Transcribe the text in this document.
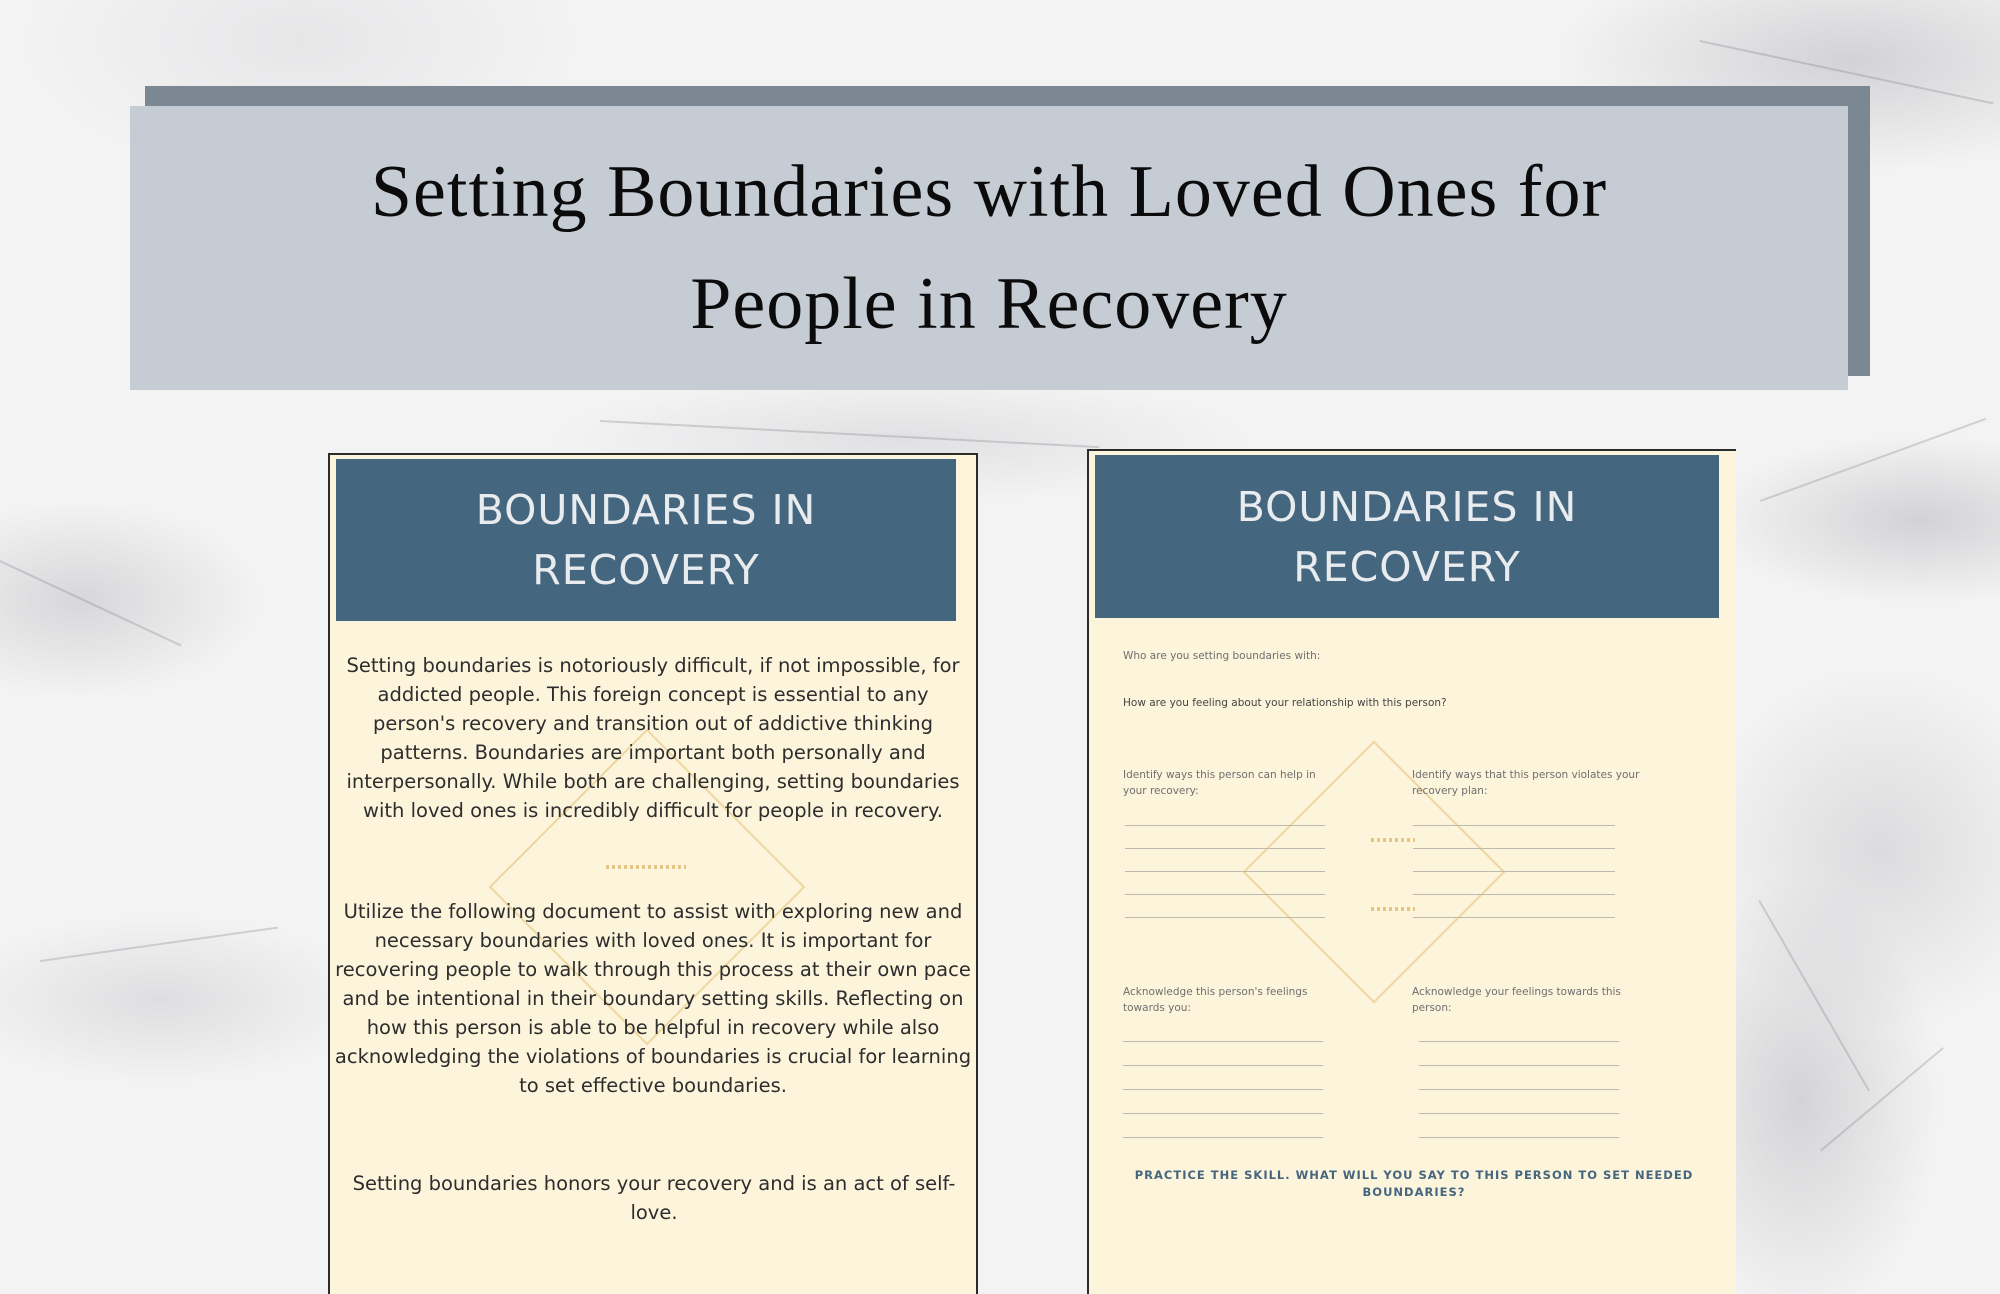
Setting Boundaries with Loved Ones for

People in Recovery

BOUNDARIES IN

RECOVERY

Setting boundaries is notoriously difficult, if not impossible, for addicted people. This foreign concept is essential to any person's recovery and transition out of addictive thinking patterns. Boundaries are important both personally and interpersonally. While both are challenging, setting boundaries with loved ones is incredibly difficult for people in recovery.
Utilize the following document to assist with exploring new and necessary boundaries with loved ones. It is important for recovering people to walk through this process at their own pace and be intentional in their boundary setting skills. Reflecting on how this person is able to be helpful in recovery while also acknowledging the violations of boundaries is crucial for learning to set effective boundaries.
Setting boundaries honors your recovery and is an act of self-love.

BOUNDARIES IN

RECOVERY

Who are you setting boundaries with:
How are you feeling about your relationship with this person?
Identify ways this person can help in your recovery:
Identify ways that this person violates your recovery plan:
Acknowledge this person's feelings towards you:
Acknowledge your feelings towards this person:
PRACTICE THE SKILL. WHAT WILL YOU SAY TO THIS PERSON TO SET NEEDED BOUNDARIES?
